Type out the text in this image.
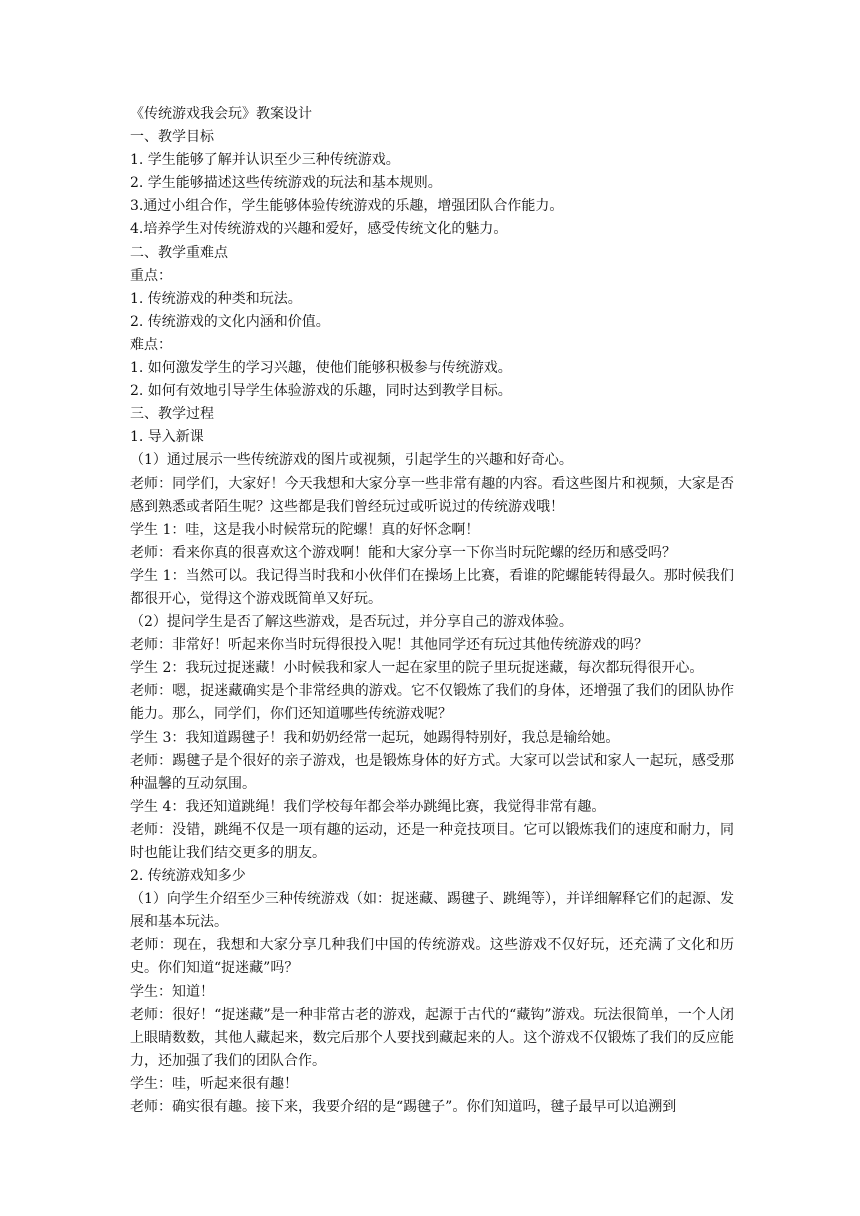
《传统游戏我会玩》教案设计

一、教学目标

1. 学生能够了解并认识至少三种传统游戏。

2. 学生能够描述这些传统游戏的玩法和基本规则。

3.通过小组合作，学生能够体验传统游戏的乐趣，增强团队合作能力。

4.培养学生对传统游戏的兴趣和爱好，感受传统文化的魅力。

二、教学重难点

重点：

1. 传统游戏的种类和玩法。

2. 传统游戏的文化内涵和价值。

难点：

1. 如何激发学生的学习兴趣，使他们能够积极参与传统游戏。

2. 如何有效地引导学生体验游戏的乐趣，同时达到教学目标。

三、教学过程

1. 导入新课

（1）通过展示一些传统游戏的图片或视频，引起学生的兴趣和好奇心。

老师：同学们，大家好！今天我想和大家分享一些非常有趣的内容。看这些图片和视频，大家是否感到熟悉或者陌生呢？这些都是我们曾经玩过或听说过的传统游戏哦！

学生 1：哇，这是我小时候常玩的陀螺！真的好怀念啊！

老师：看来你真的很喜欢这个游戏啊！能和大家分享一下你当时玩陀螺的经历和感受吗？

学生 1：当然可以。我记得当时我和小伙伴们在操场上比赛，看谁的陀螺能转得最久。那时候我们都很开心，觉得这个游戏既简单又好玩。

（2）提问学生是否了解这些游戏，是否玩过，并分享自己的游戏体验。

老师：非常好！听起来你当时玩得很投入呢！其他同学还有玩过其他传统游戏的吗？

学生 2：我玩过捉迷藏！小时候我和家人一起在家里的院子里玩捉迷藏，每次都玩得很开心。

老师：嗯，捉迷藏确实是个非常经典的游戏。它不仅锻炼了我们的身体，还增强了我们的团队协作能力。那么，同学们，你们还知道哪些传统游戏呢？

学生 3：我知道踢毽子！我和奶奶经常一起玩，她踢得特别好，我总是输给她。

老师：踢毽子是个很好的亲子游戏，也是锻炼身体的好方式。大家可以尝试和家人一起玩，感受那种温馨的互动氛围。

学生 4：我还知道跳绳！我们学校每年都会举办跳绳比赛，我觉得非常有趣。

老师：没错，跳绳不仅是一项有趣的运动，还是一种竞技项目。它可以锻炼我们的速度和耐力，同时也能让我们结交更多的朋友。

2. 传统游戏知多少

（1）向学生介绍至少三种传统游戏（如：捉迷藏、踢毽子、跳绳等），并详细解释它们的起源、发展和基本玩法。

老师：现在，我想和大家分享几种我们中国的传统游戏。这些游戏不仅好玩，还充满了文化和历史。你们知道“捉迷藏”吗？

学生：知道！

老师：很好！“捉迷藏”是一种非常古老的游戏，起源于古代的“藏钩”游戏。玩法很简单，一个人闭上眼睛数数，其他人藏起来，数完后那个人要找到藏起来的人。这个游戏不仅锻炼了我们的反应能力，还加强了我们的团队合作。

学生：哇，听起来很有趣！

老师：确实很有趣。接下来，我要介绍的是“踢毽子”。你们知道吗，毽子最早可以追溯到
